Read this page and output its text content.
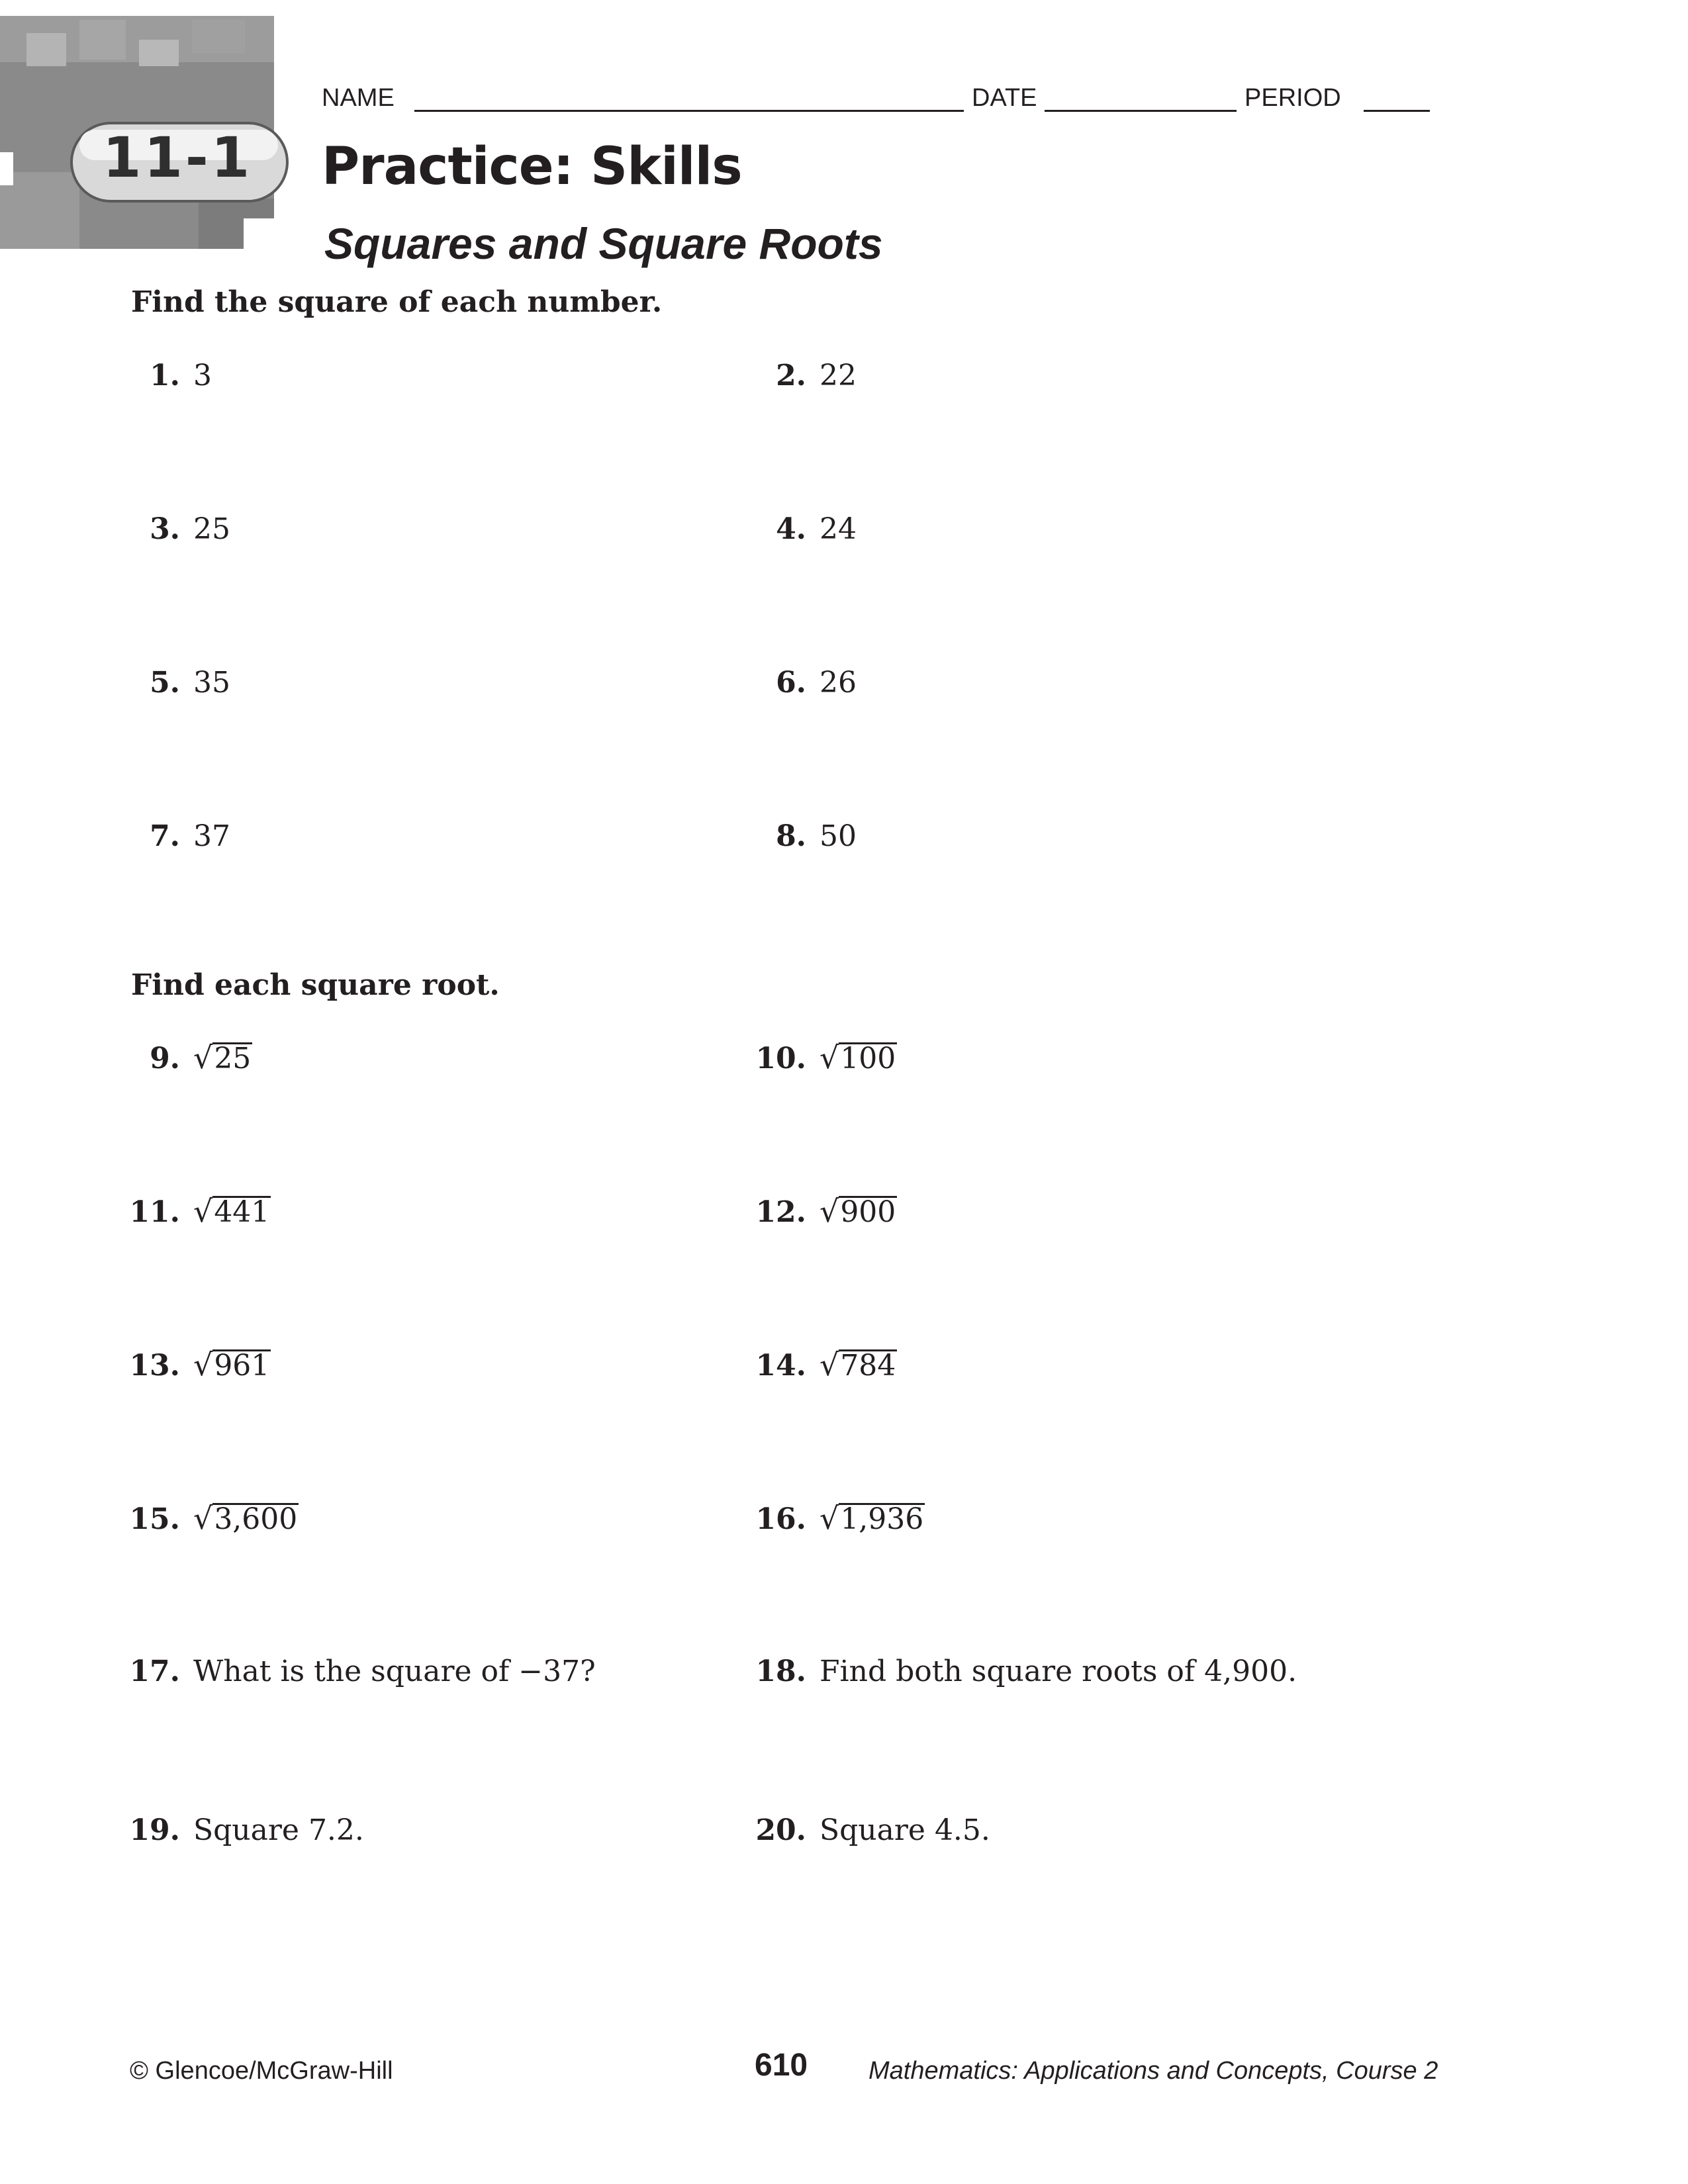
11-1
NAME	DATE	PERIOD
Practice: Skills
Squares and Square Roots
Find the square of each number.
1. 3	2. 22
3. 25	4. 24
5. 35	6. 26
7. 37	8. 50
Find each square root.
9. √25	10. √100
11. √441	12. √900
13. √961	14. √784
15. √3,600	16. √1,936
17. What is the square of −37?	18. Find both square roots of 4,900.
19. Square 7.2.	20. Square 4.5.
© Glencoe/McGraw-Hill	610 Mathematics: Applications and Concepts, Course 2
